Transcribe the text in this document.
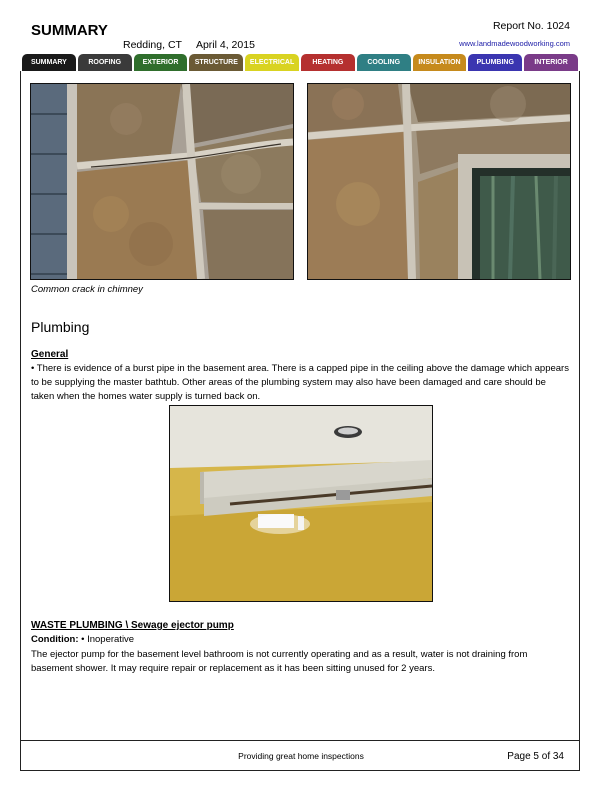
SUMMARY
Redding, CT April 4, 2015
Report No. 1024
www.landmadewoodworking.com
SUMMARY	ROOFING	EXTERIOR	STRUCTURE	ELECTRICAL	HEATING	COOLING	INSULATION	PLUMBING	INTERIOR
Common crack in chimney
Plumbing
General
• There is evidence of a burst pipe in the basement area. There is a capped pipe in the ceiling above the damage which appears to be supplying the master bathtub. Other areas of the plumbing system may also have been damaged and care should be taken when the homes water supply is turned back on.
WASTE PLUMBING \ Sewage ejector pump
Condition: • Inoperative
The ejector pump for the basement level bathroom is not currently operating and as a result, water is not draining from basement shower. It may require repair or replacement as it has been sitting unused for 2 years.
Providing great home inspections	Page 5 of 34
